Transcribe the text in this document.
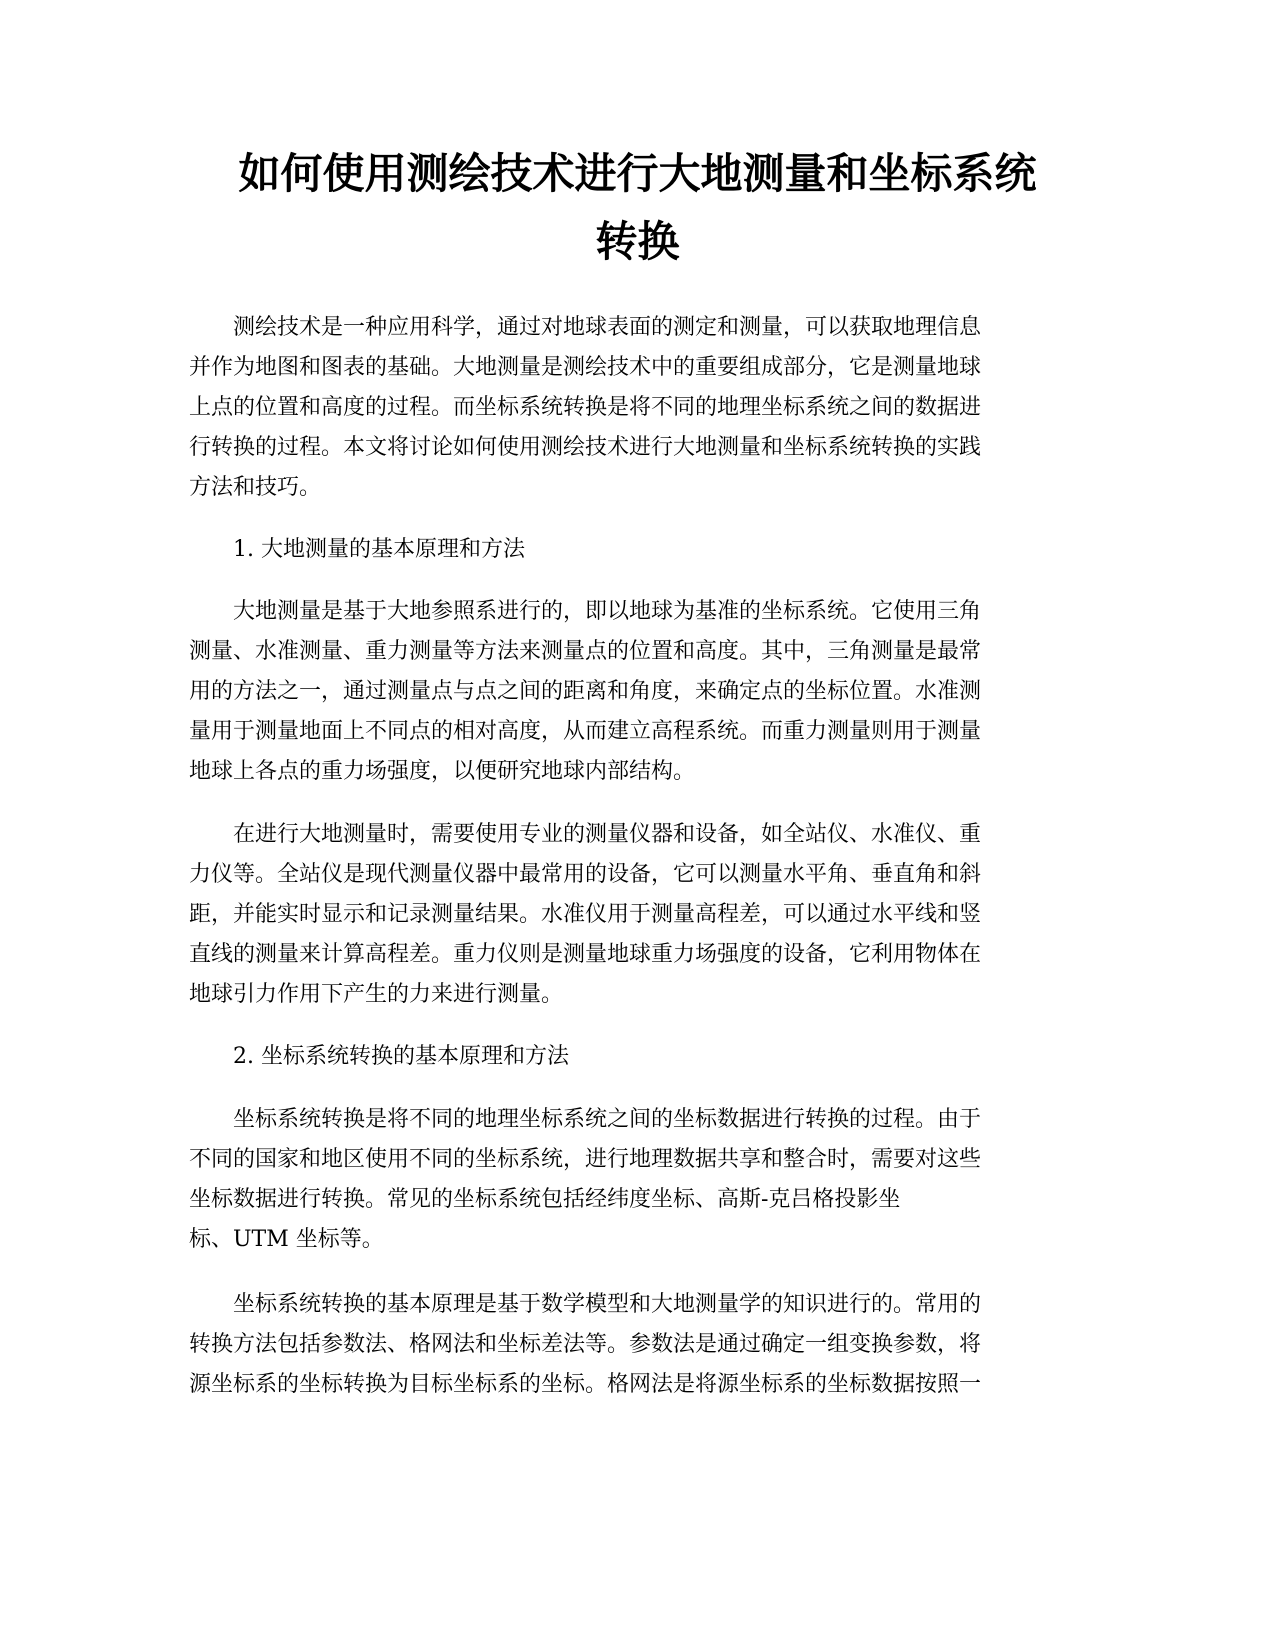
如何使用测绘技术进行大地测量和坐标系统
转换
测绘技术是一种应用科学，通过对地球表面的测定和测量，可以获取地理信息
并作为地图和图表的基础。大地测量是测绘技术中的重要组成部分，它是测量地球
上点的位置和高度的过程。而坐标系统转换是将不同的地理坐标系统之间的数据进
行转换的过程。本文将讨论如何使用测绘技术进行大地测量和坐标系统转换的实践
方法和技巧。
1. 大地测量的基本原理和方法
大地测量是基于大地参照系进行的，即以地球为基准的坐标系统。它使用三角
测量、水准测量、重力测量等方法来测量点的位置和高度。其中，三角测量是最常
用的方法之一，通过测量点与点之间的距离和角度，来确定点的坐标位置。水准测
量用于测量地面上不同点的相对高度，从而建立高程系统。而重力测量则用于测量
地球上各点的重力场强度，以便研究地球内部结构。
在进行大地测量时，需要使用专业的测量仪器和设备，如全站仪、水准仪、重
力仪等。全站仪是现代测量仪器中最常用的设备，它可以测量水平角、垂直角和斜
距，并能实时显示和记录测量结果。水准仪用于测量高程差，可以通过水平线和竖
直线的测量来计算高程差。重力仪则是测量地球重力场强度的设备，它利用物体在
地球引力作用下产生的力来进行测量。
2. 坐标系统转换的基本原理和方法
坐标系统转换是将不同的地理坐标系统之间的坐标数据进行转换的过程。由于
不同的国家和地区使用不同的坐标系统，进行地理数据共享和整合时，需要对这些
坐标数据进行转换。常见的坐标系统包括经纬度坐标、高斯-克吕格投影坐
标、UTM 坐标等。
坐标系统转换的基本原理是基于数学模型和大地测量学的知识进行的。常用的
转换方法包括参数法、格网法和坐标差法等。参数法是通过确定一组变换参数，将
源坐标系的坐标转换为目标坐标系的坐标。格网法是将源坐标系的坐标数据按照一
